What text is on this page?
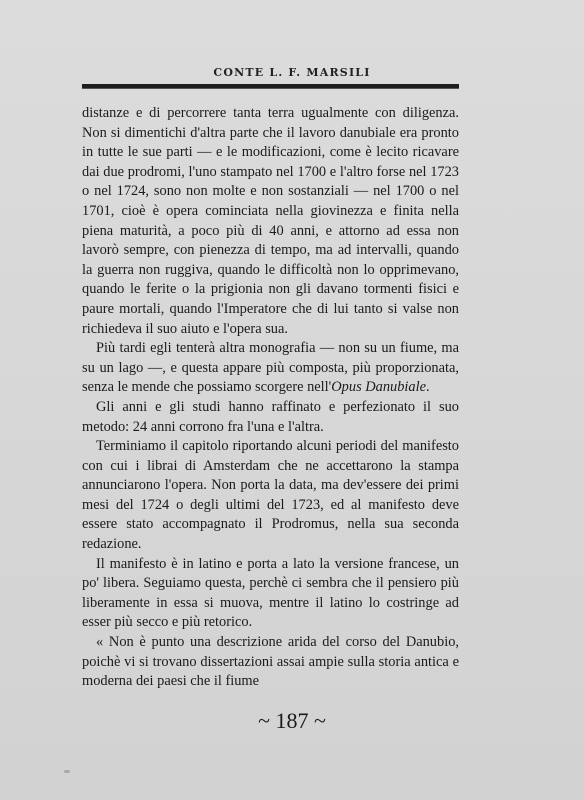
CONTE L. F. MARSILI

distanze e di percorrere tanta terra ugualmente con diligenza. Non si dimentichi d'altra parte che il lavoro danubiale era pronto in tutte le sue parti — e le modificazioni, come è lecito ricavare dai due prodromi, l'uno stampato nel 1700 e l'altro forse nel 1723 o nel 1724, sono non molte e non sostanziali — nel 1700 o nel 1701, cioè è opera cominciata nella giovinezza e finita nella piena maturità, a poco più di 40 anni, e attorno ad essa non lavorò sempre, con pienezza di tempo, ma ad intervalli, quando la guerra non ruggiva, quando le difficoltà non lo opprimevano, quando le ferite o la prigionia non gli davano tormenti fisici e paure mortali, quando l'Imperatore che di lui tanto si valse non richiedeva il suo aiuto e l'opera sua.

Più tardi egli tenterà altra monografia — non su un fiume, ma su un lago —, e questa appare più composta, più proporzionata, senza le mende che possiamo scorgere nell'Opus Danubiale.

Gli anni e gli studi hanno raffinato e perfezionato il suo metodo: 24 anni corrono fra l'una e l'altra.

Terminiamo il capitolo riportando alcuni periodi del manifesto con cui i librai di Amsterdam che ne accettarono la stampa annunciarono l'opera. Non porta la data, ma dev'essere dei primi mesi del 1724 o degli ultimi del 1723, ed al manifesto deve essere stato accompagnato il Prodromus, nella sua seconda redazione.

Il manifesto è in latino e porta a lato la versione francese, un po' libera. Seguiamo questa, perchè ci sembra che il pensiero più liberamente in essa si muova, mentre il latino lo costringe ad esser più secco e più retorico.

« Non è punto una descrizione arida del corso del Danubio, poichè vi si trovano dissertazioni assai ampie sulla storia antica e moderna dei paesi che il fiume

~ 187 ~
